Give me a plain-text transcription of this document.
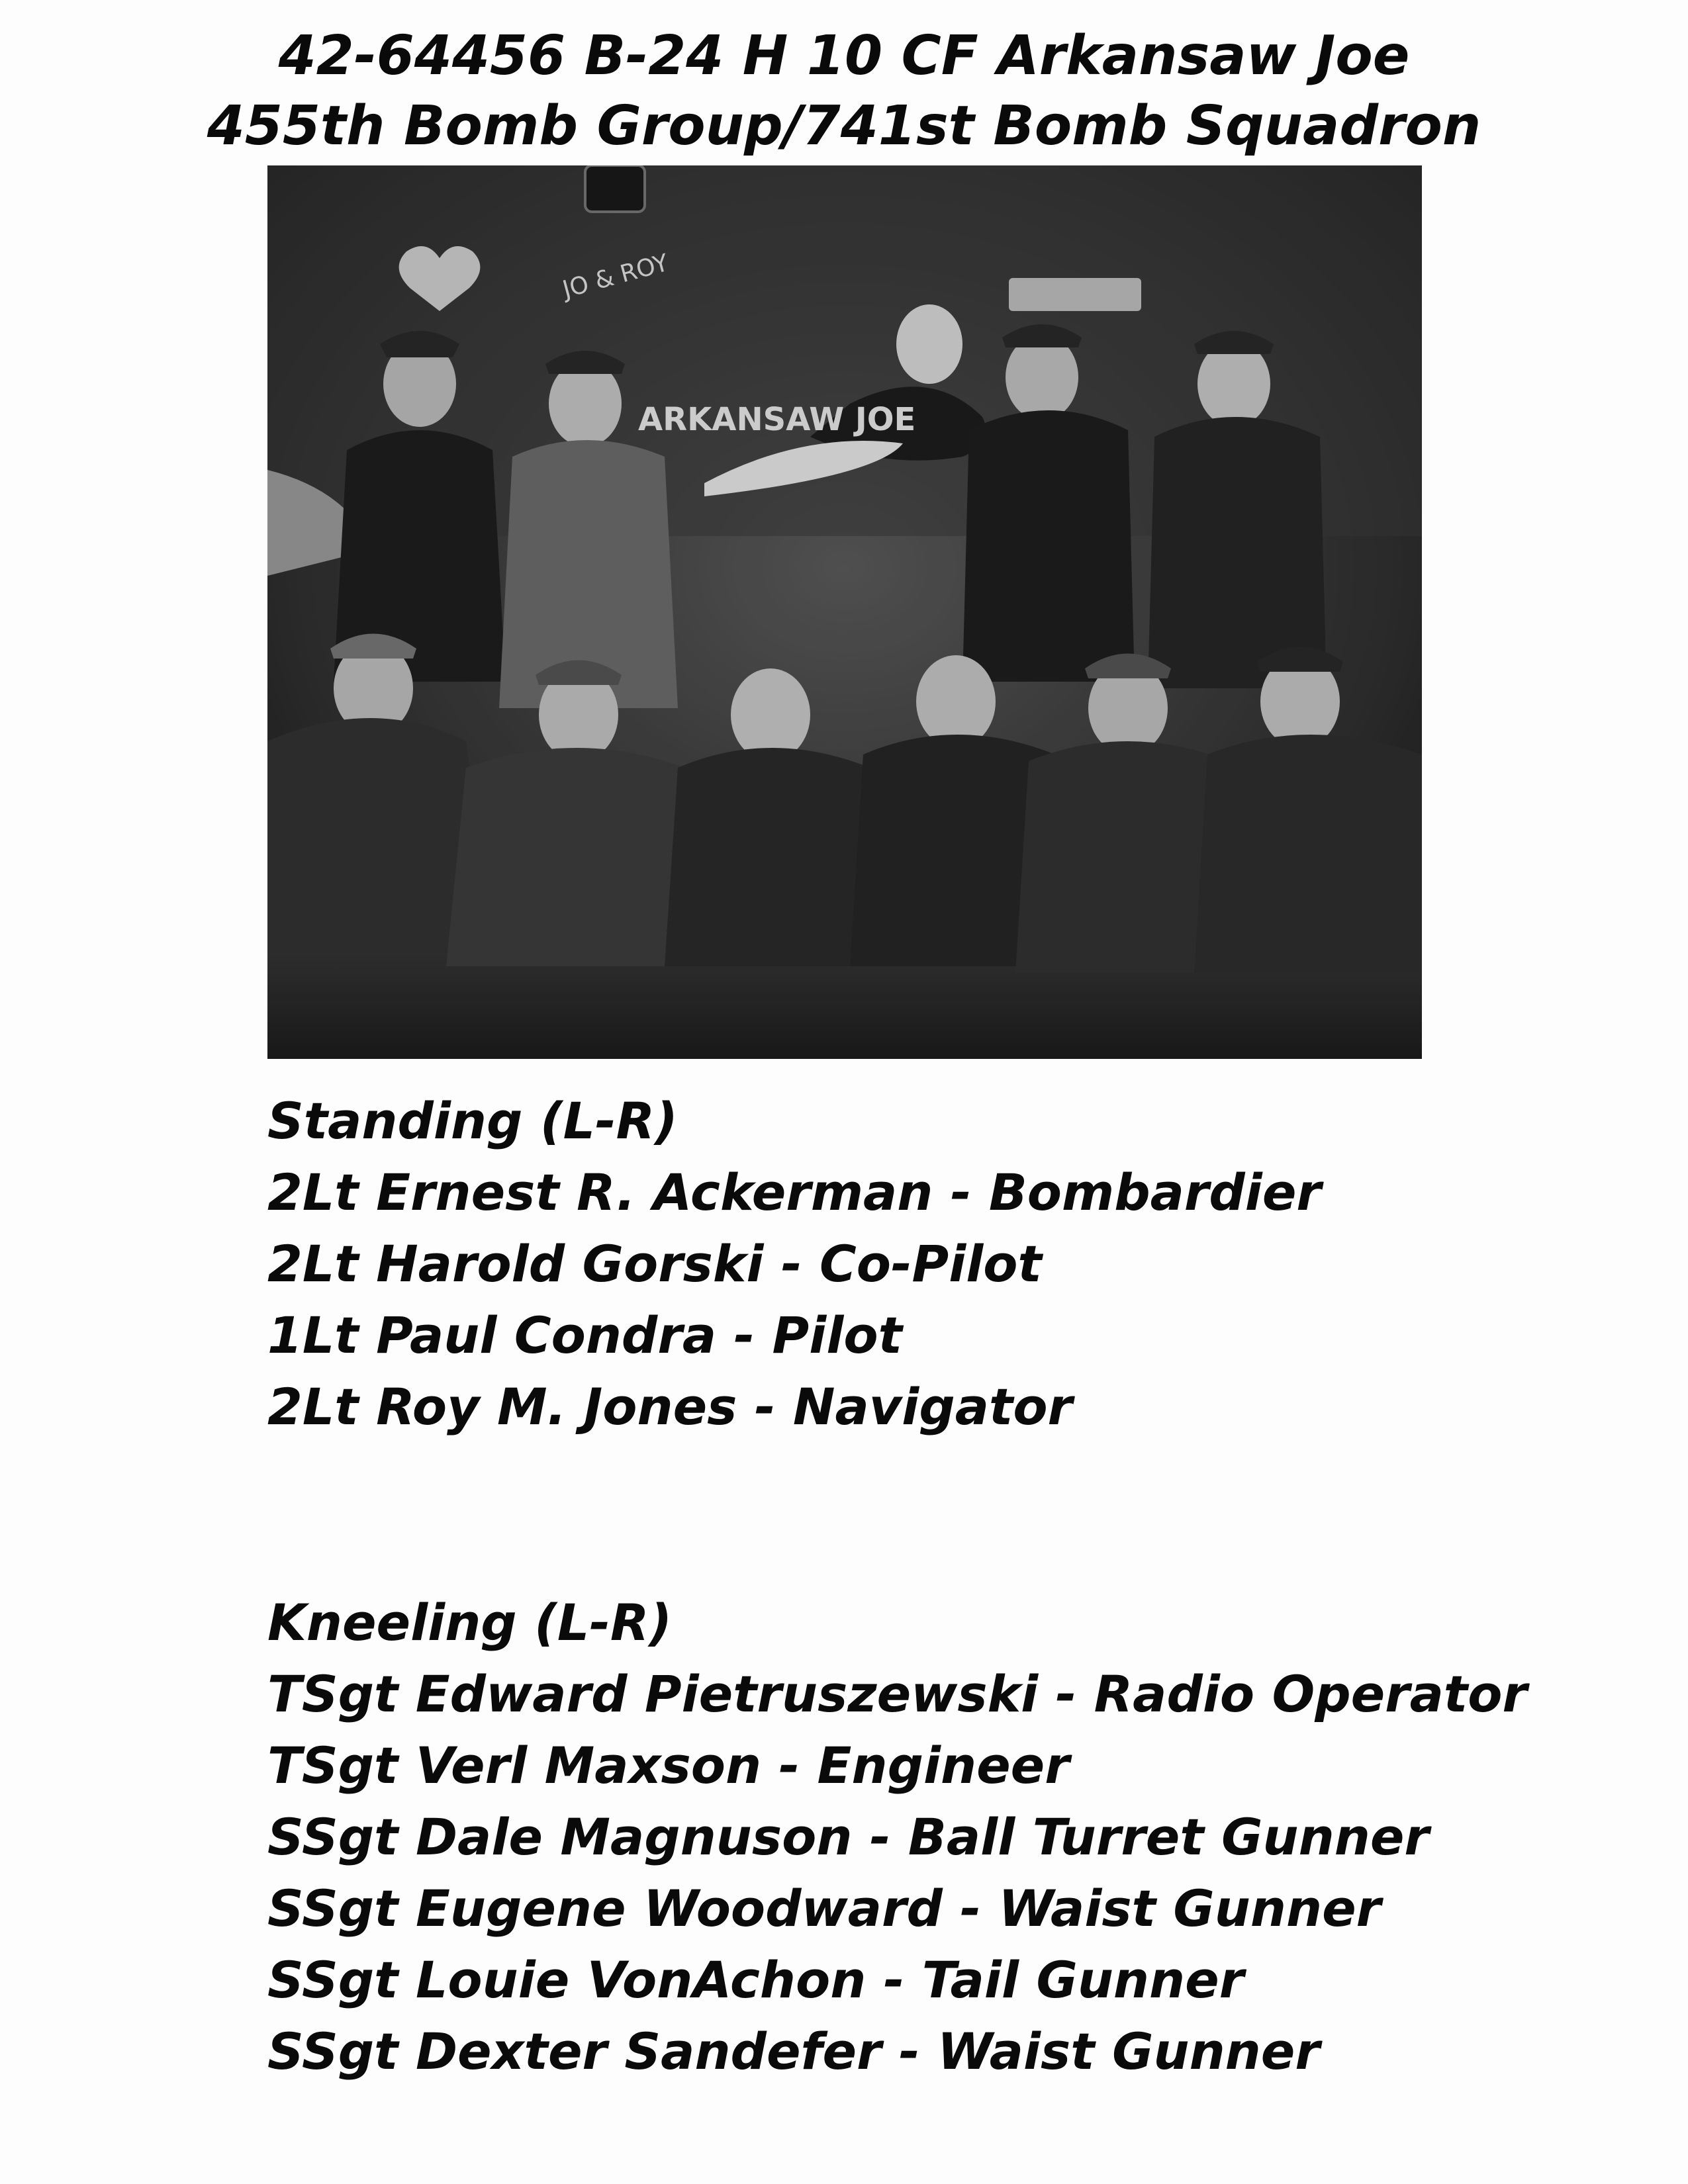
42-64456 B-24 H 10 CF Arkansaw Joe
455th Bomb Group/741st Bomb Squadron
ARKANSAW JOE
JO & ROY
Standing (L-R)
2Lt Ernest R. Ackerman - Bombardier
2Lt Harold Gorski - Co-Pilot
1Lt Paul Condra - Pilot
2Lt Roy M. Jones - Navigator
Kneeling (L-R)
TSgt Edward Pietruszewski - Radio Operator
TSgt Verl Maxson - Engineer
SSgt Dale Magnuson - Ball Turret Gunner
SSgt Eugene Woodward - Waist Gunner
SSgt Louie VonAchon - Tail Gunner
SSgt Dexter Sandefer - Waist Gunner
